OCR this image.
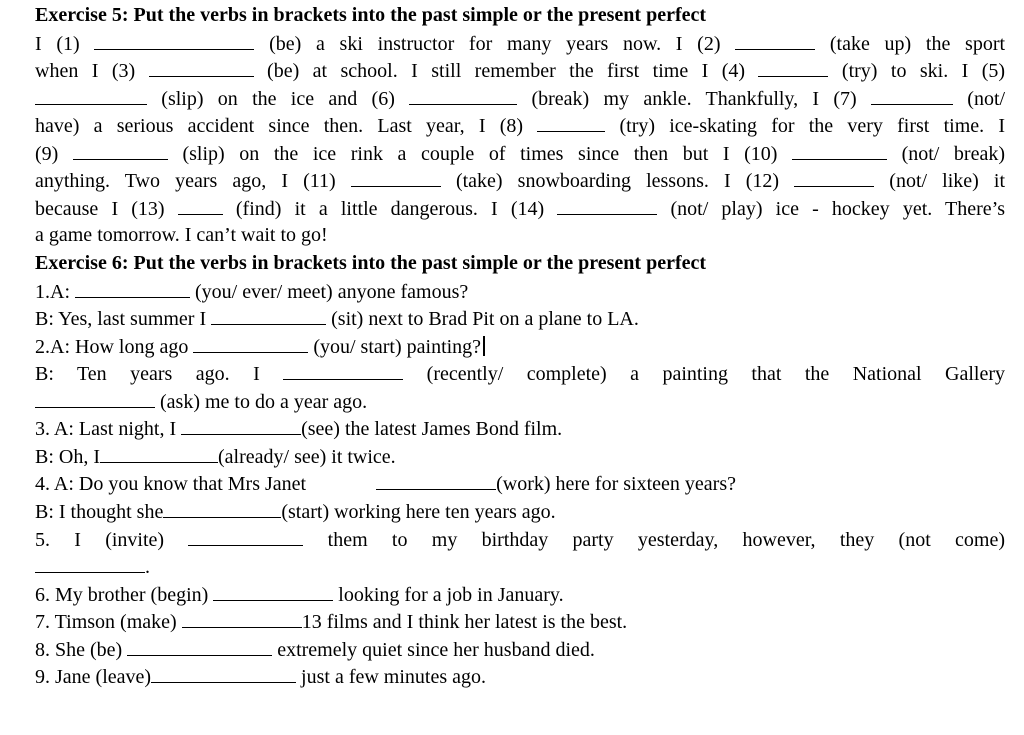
Exercise 5: Put the verbs in brackets into the past simple or the present perfect
I (1)	(be) a ski instructor for many years now. I (2)	(take up) the sport
when I (3)	(be) at school. I still remember the first time I (4)	(try) to ski. I (5)
(slip) on the ice and (6)	(break) my ankle. Thankfully, I (7)	(not/
have) a serious accident since then. Last year, I (8)	(try) ice-skating for the very first time. I
(9)	(slip) on the ice rink a couple of times since then but I (10)	(not/ break)
anything. Two years ago, I (11)	(take) snowboarding lessons. I (12)	(not/ like) it
because I (13)	(find) it a little dangerous. I (14)	(not/ play) ice - hockey yet. There’s
a game tomorrow. I can’t wait to go!
Exercise 6: Put the verbs in brackets into the past simple or the present perfect
1.A:	(you/ ever/ meet) anyone famous?
B: Yes, last summer I	(sit) next to Brad Pit on a plane to LA.
2.A: How long ago	(you/ start) painting?
B: Ten years ago. I	(recently/ complete) a painting that the National Gallery
(ask) me to do a year ago.
3. A: Last night, I	(see) the latest James Bond film.
B: Oh, I	(already/ see) it twice.
4. A: Do you know that Mrs Janet	(work) here for sixteen years?
B: I thought she	(start) working here ten years ago.
5. I (invite)	them to my birthday party yesterday, however, they (not come)
.
6. My brother (begin)	looking for a job in January.
7. Timson (make)	13 films and I think her latest is the best.
8. She (be)	extremely quiet since her husband died.
9. Jane (leave)	just a few minutes ago.
